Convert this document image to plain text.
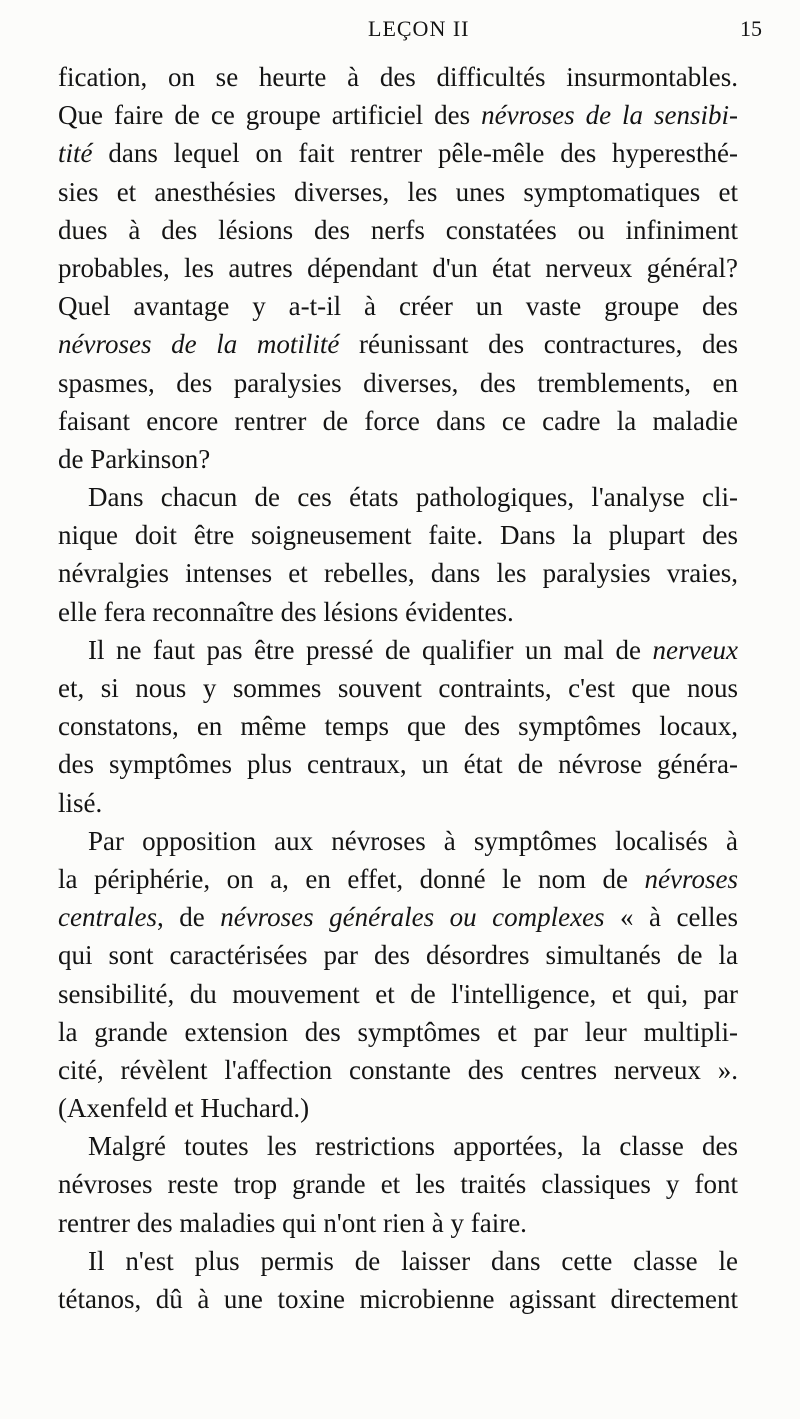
LEÇON II	15
fication, on se heurte à des difficultés insurmontables.
Que faire de ce groupe artificiel des névroses de la sensibi-
tité dans lequel on fait rentrer pêle-mêle des hyperesthé-
sies et anesthésies diverses, les unes symptomatiques et
dues à des lésions des nerfs constatées ou infiniment
probables, les autres dépendant d'un état nerveux général?
Quel avantage y a-t-il à créer un vaste groupe des
névroses de la motilité réunissant des contractures, des
spasmes, des paralysies diverses, des tremblements, en
faisant encore rentrer de force dans ce cadre la maladie
de Parkinson?
Dans chacun de ces états pathologiques, l'analyse cli-
nique doit être soigneusement faite. Dans la plupart des
névralgies intenses et rebelles, dans les paralysies vraies,
elle fera reconnaître des lésions évidentes.
Il ne faut pas être pressé de qualifier un mal de nerveux
et, si nous y sommes souvent contraints, c'est que nous
constatons, en même temps que des symptômes locaux,
des symptômes plus centraux, un état de névrose généra-
lisé.
Par opposition aux névroses à symptômes localisés à
la périphérie, on a, en effet, donné le nom de névroses
centrales, de névroses générales ou complexes « à celles
qui sont caractérisées par des désordres simultanés de la
sensibilité, du mouvement et de l'intelligence, et qui, par
la grande extension des symptômes et par leur multipli-
cité, révèlent l'affection constante des centres nerveux ».
(Axenfeld et Huchard.)
Malgré toutes les restrictions apportées, la classe des
névroses reste trop grande et les traités classiques y font
rentrer des maladies qui n'ont rien à y faire.
Il n'est plus permis de laisser dans cette classe le
tétanos, dû à une toxine microbienne agissant directement
